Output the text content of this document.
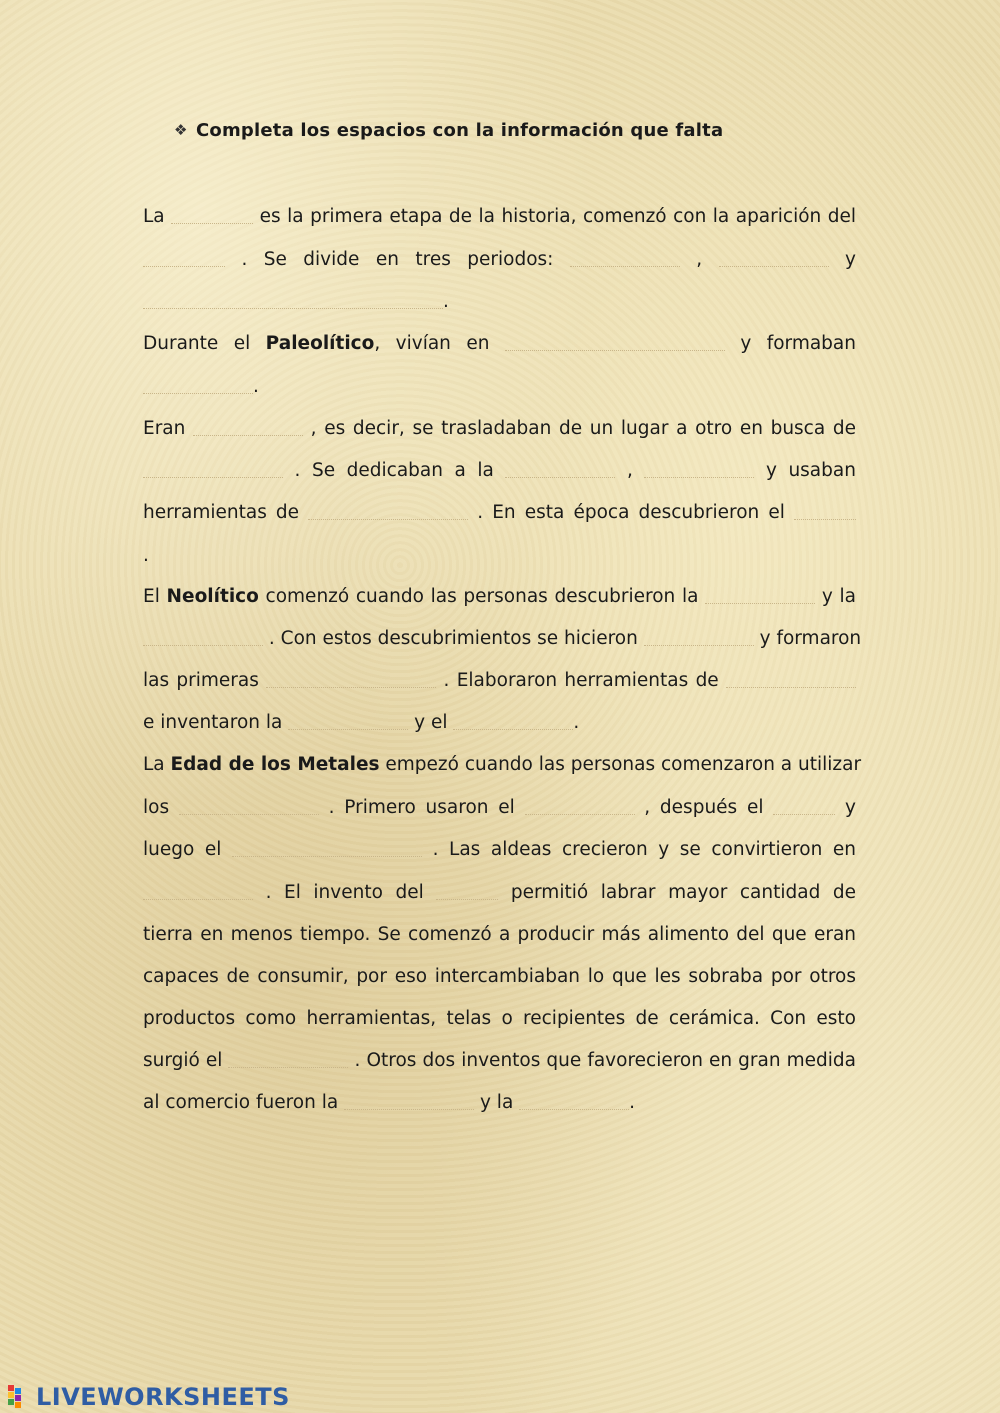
❖ Completa los espacios con la información que falta
La	es la primera etapa de la historia, comenzó con la aparición del
. Se divide en tres periodos:	,	y
.
Durante el Paleolítico, vivían en	y formaban
.
Eran	, es decir, se trasladaban de un lugar a otro en busca de
. Se dedicaban a la	,	y usaban
herramientas de	. En esta época descubrieron el
.
El Neolítico comenzó cuando las personas descubrieron la	y la
. Con estos descubrimientos se hicieron	y formaron
las primeras	. Elaboraron herramientas de
e inventaron la	y el	.
La Edad de los Metales empezó cuando las personas comenzaron a utilizar
los	. Primero usaron el	, después el	y
luego el	. Las aldeas crecieron y se convirtieron en
. El invento del	permitió labrar mayor cantidad de
tierra en menos tiempo. Se comenzó a producir más alimento del que eran
capaces de consumir, por eso intercambiaban lo que les sobraba por otros
productos como herramientas, telas o recipientes de cerámica. Con esto
surgió el	. Otros dos inventos que favorecieron en gran medida
al comercio fueron la	y la	.
LIVEWORKSHEETS
